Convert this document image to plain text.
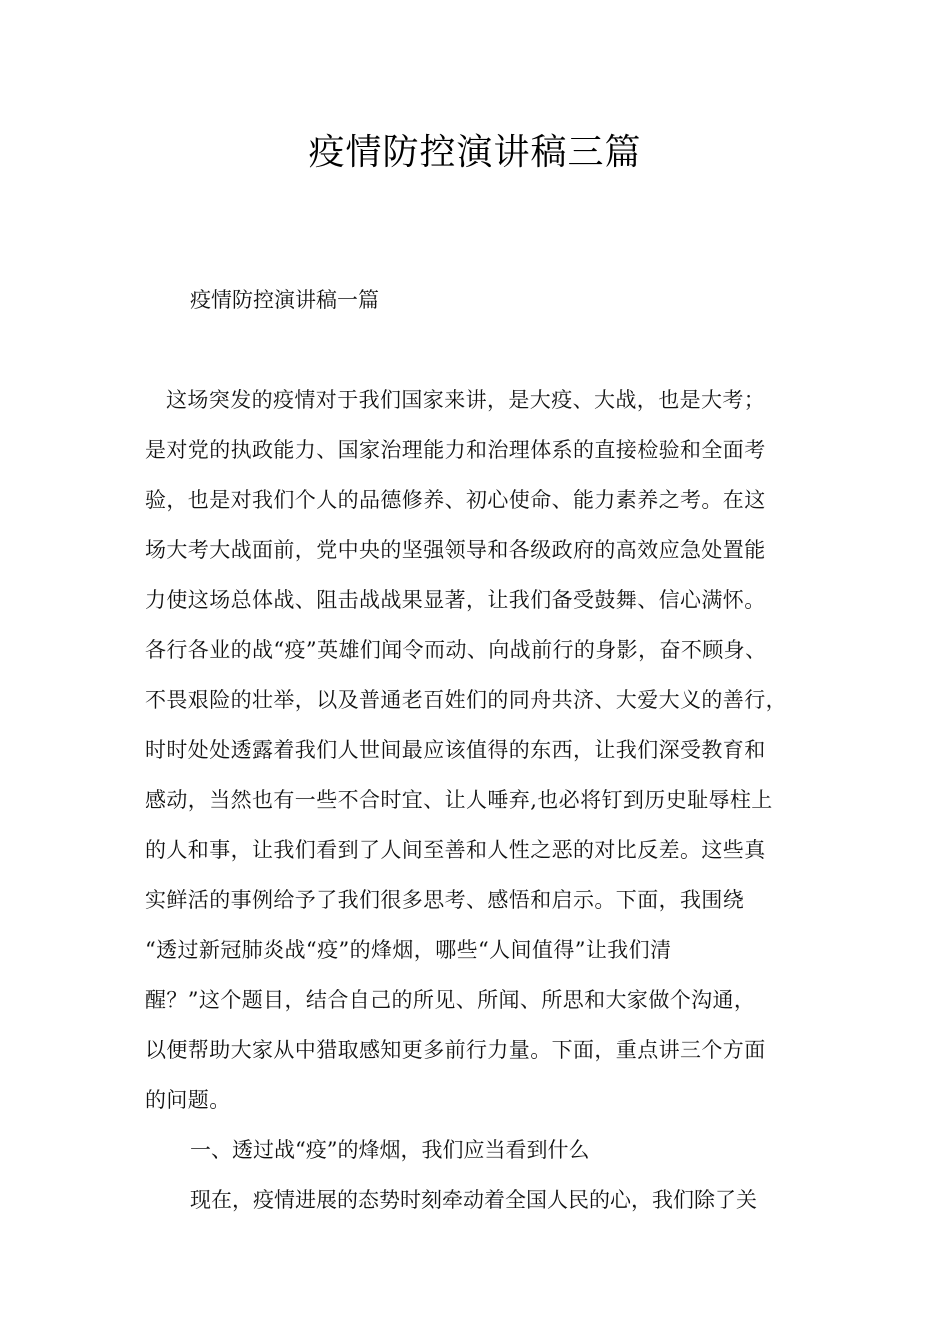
疫情防控演讲稿三篇
疫情防控演讲稿一篇
这场突发的疫情对于我们国家来讲，是大疫、大战，也是大考；
是对党的执政能力、国家治理能力和治理体系的直接检验和全面考
验，也是对我们个人的品德修养、初心使命、能力素养之考。在这
场大考大战面前，党中央的坚强领导和各级政府的高效应急处置能
力使这场总体战、阻击战战果显著，让我们备受鼓舞、信心满怀。
各行各业的战“疫”英雄们闻令而动、向战前行的身影，奋不顾身、
不畏艰险的壮举，以及普通老百姓们的同舟共济、大爱大义的善行，
时时处处透露着我们人世间最应该值得的东西，让我们深受教育和
感动，当然也有一些不合时宜、让人唾弃,也必将钉到历史耻辱柱上
的人和事，让我们看到了人间至善和人性之恶的对比反差。这些真
实鲜活的事例给予了我们很多思考、感悟和启示。下面，我围绕
“透过新冠肺炎战“疫”的烽烟，哪些“人间值得”让我们清
醒？”这个题目，结合自己的所见、所闻、所思和大家做个沟通，
以便帮助大家从中猎取感知更多前行力量。下面，重点讲三个方面
的问题。
一、透过战“疫”的烽烟，我们应当看到什么
现在，疫情进展的态势时刻牵动着全国人民的心，我们除了关
